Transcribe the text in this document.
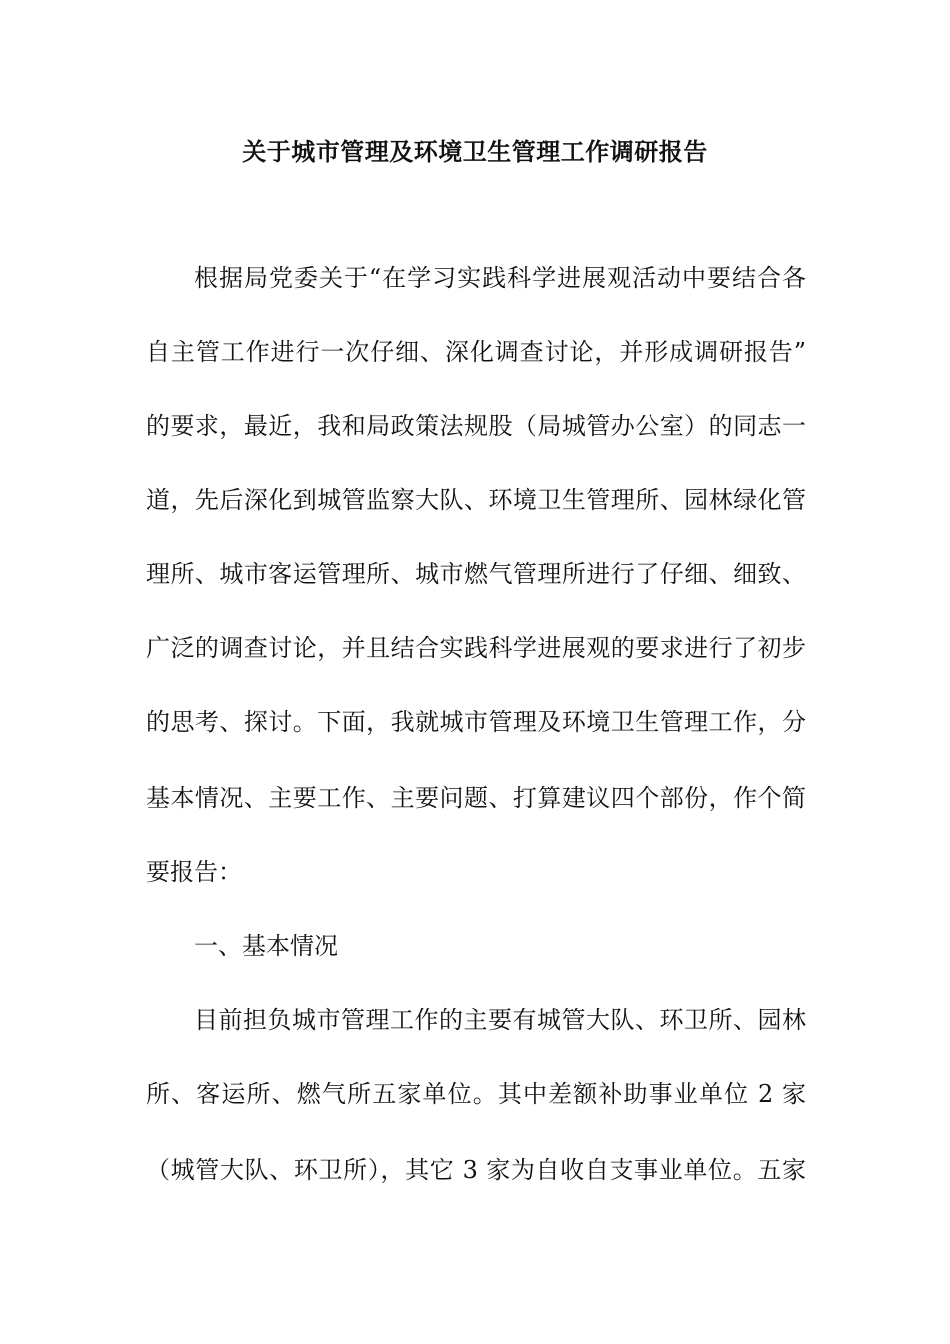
关于城市管理及环境卫生管理工作调研报告
根据局党委关于“在学习实践科学进展观活动中要结合各
自主管工作进行一次仔细、深化调查讨论，并形成调研报告”
的要求，最近，我和局政策法规股（局城管办公室）的同志一
道，先后深化到城管监察大队、环境卫生管理所、园林绿化管
理所、城市客运管理所、城市燃气管理所进行了仔细、细致、
广泛的调查讨论，并且结合实践科学进展观的要求进行了初步
的思考、探讨。下面，我就城市管理及环境卫生管理工作，分
基本情况、主要工作、主要问题、打算建议四个部份，作个简
要报告：
一、基本情况
目前担负城市管理工作的主要有城管大队、环卫所、园林
所、客运所、燃气所五家单位。其中差额补助事业单位 2 家
（城管大队、环卫所），其它 3 家为自收自支事业单位。五家
